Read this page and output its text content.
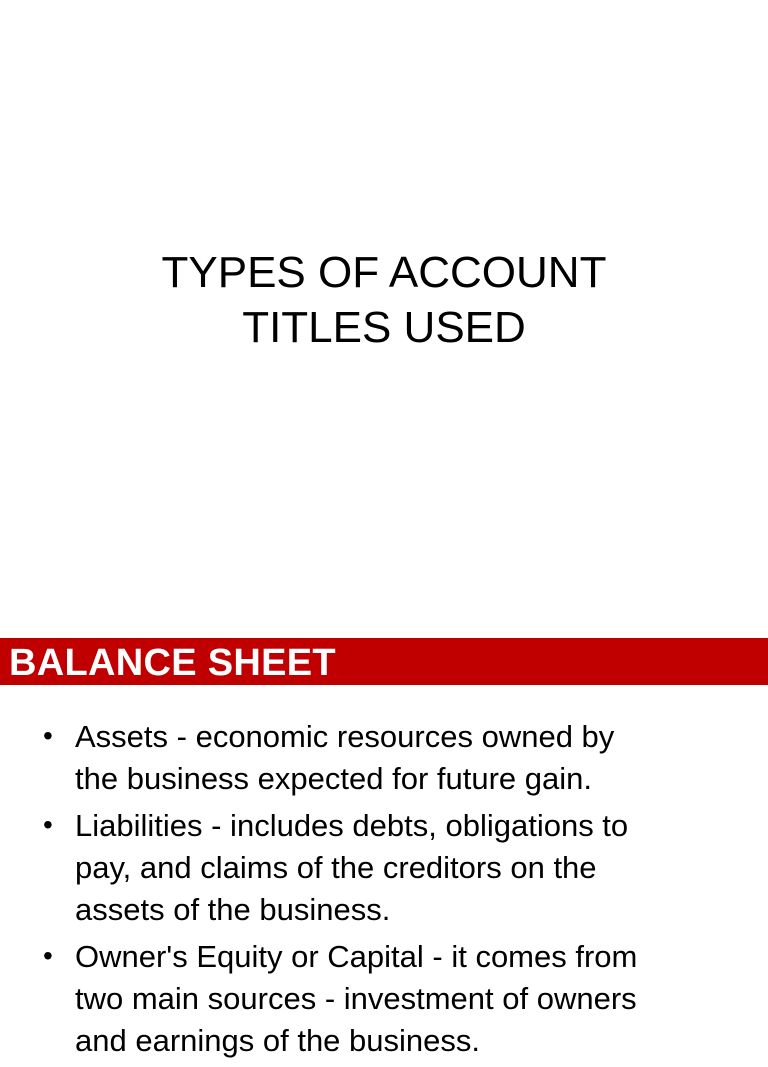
TYPES OF ACCOUNT
TITLES USED
BALANCE SHEET
• Assets - economic resources owned by
the business expected for future gain.
• Liabilities - includes debts, obligations to
pay, and claims of the creditors on the
assets of the business.
• Owner's Equity or Capital - it comes from
two main sources - investment of owners
and earnings of the business.
